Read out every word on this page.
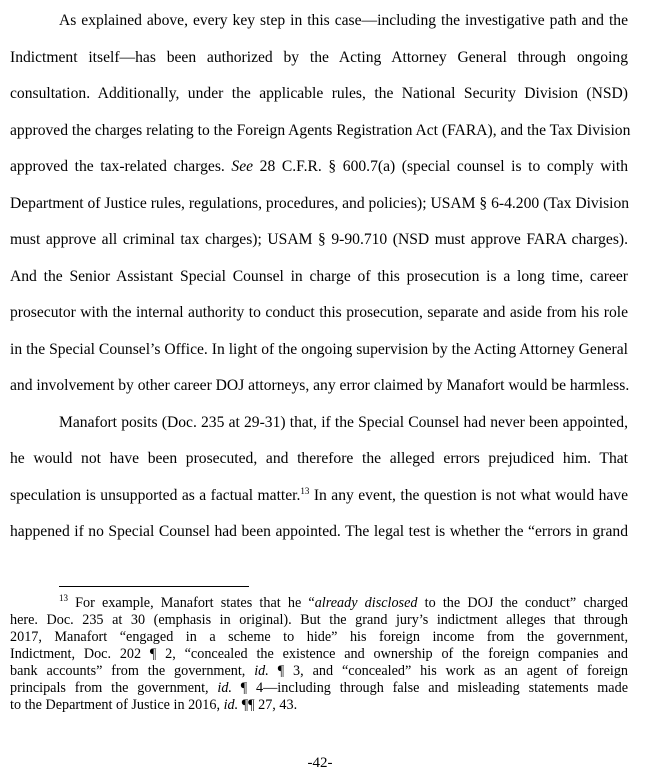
As explained above, every key step in this case—including the investigative path and the
Indictment itself—has been authorized by the Acting Attorney General through ongoing
consultation. Additionally, under the applicable rules, the National Security Division (NSD)
approved the charges relating to the Foreign Agents Registration Act (FARA), and the Tax Division
approved the tax-related charges. See 28 C.F.R. § 600.7(a) (special counsel is to comply with
Department of Justice rules, regulations, procedures, and policies); USAM § 6-4.200 (Tax Division
must approve all criminal tax charges); USAM § 9-90.710 (NSD must approve FARA charges).
And the Senior Assistant Special Counsel in charge of this prosecution is a long time, career
prosecutor with the internal authority to conduct this prosecution, separate and aside from his role
in the Special Counsel’s Office. In light of the ongoing supervision by the Acting Attorney General
and involvement by other career DOJ attorneys, any error claimed by Manafort would be harmless.
Manafort posits (Doc. 235 at 29-31) that, if the Special Counsel had never been appointed,
he would not have been prosecuted, and therefore the alleged errors prejudiced him. That
speculation is unsupported as a factual matter.$^{13}$ In any event, the question is not what would have
happened if no Special Counsel had been appointed. The legal test is whether the “errors in grand
$^{13}$ For example, Manafort states that he “already disclosed to the DOJ the conduct” charged
here. Doc. 235 at 30 (emphasis in original). But the grand jury’s indictment alleges that through
2017, Manafort “engaged in a scheme to hide” his foreign income from the government,
Indictment, Doc. 202 ¶ 2, “concealed the existence and ownership of the foreign companies and
bank accounts” from the government, id. ¶ 3, and “concealed” his work as an agent of foreign
principals from the government, id. ¶ 4—including through false and misleading statements made
to the Department of Justice in 2016, id. ¶¶ 27, 43.
-42-
